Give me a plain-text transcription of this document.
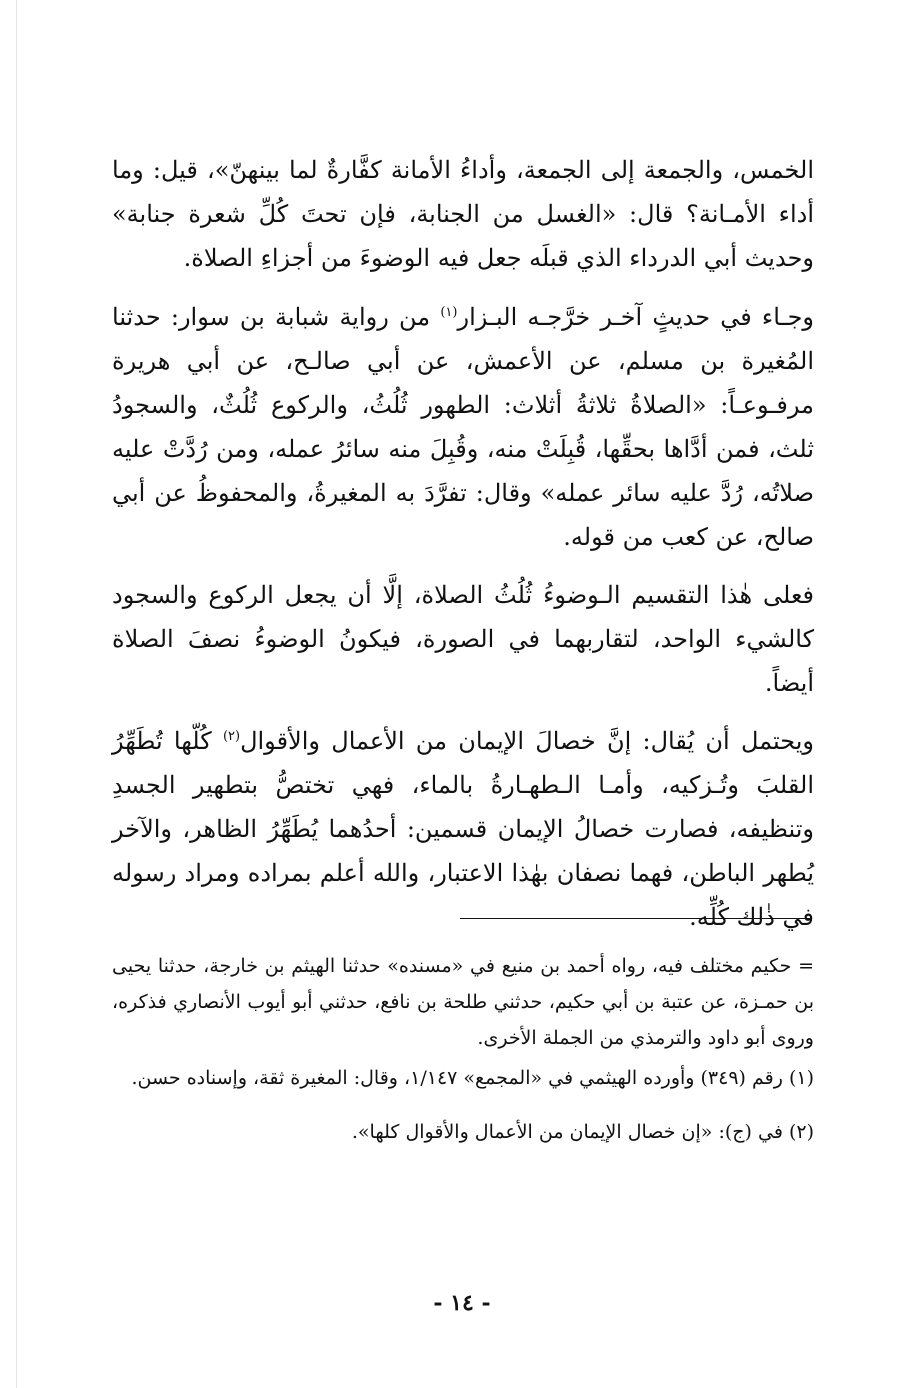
الخمس، والجمعة إلى الجمعة، وأداءُ الأمانة كفَّارةٌ لما بينهنّ»، قيل: وما أداء الأمـانة؟ قال: «الغسل من الجنابة، فإن تحتَ كُلِّ شعرة جنابة» وحديث أبي الدرداء الذي قبلَه جعل فيه الوضوءَ من أجزاءِ الصلاة.

وجـاء في حديثٍ آخـر خرَّجـه البـزار$^{(١)}$ من رواية شبابة بن سوار: حدثنا المُغيرة بن مسلم، عن الأعمش، عن أبي صالـح، عن أبي هريرة مرفـوعـاً: «الصلاةُ ثلاثةُ أثلاث: الطهور ثُلُثُ، والركوع ثُلُثٌ، والسجودُ ثلث، فمن أدَّاها بحقِّها، قُبِلَتْ منه، وقُبِلَ منه سائرُ عمله، ومن رُدَّتْ عليه صلاتُه، رُدَّ عليه سائر عمله» وقال: تفرَّدَ به المغيرةُ، والمحفوظُ عن أبي صالح، عن كعب من قوله.

فعلى هٰذا التقسيم الـوضوءُ ثُلُثُ الصلاة، إلَّا أن يجعل الركوع والسجود كالشيء الواحد، لتقاربهما في الصورة، فيكونُ الوضوءُ نصفَ الصلاة أيضاً.

ويحتمل أن يُقال: إنَّ خصالَ الإيمان من الأعمال والأقوال$^{(٢)}$ كُلّها تُطَهِّرُ القلبَ وتُـزكيه، وأمـا الـطهـارةُ بالماء، فهي تختصُّ بتطهير الجسدِ وتنظيفه، فصارت خصالُ الإيمان قسمين: أحدُهما يُطَهِّرُ الظاهر، والآخر يُطهر الباطن، فهما نصفان بهٰذا الاعتبار، والله أعلم بمراده ومراد رسوله في ذٰلك كُلِّه.

= حكيم مختلف فيه، رواه أحمد بن منيع في «مسنده» حدثنا الهيثم بن خارجة، حدثنا يحيى بن حمـزة، عن عتبة بن أبي حكيم، حدثني طلحة بن نافع، حدثني أبو أيوب الأنصاري فذكره، وروى أبو داود والترمذي من الجملة الأخرى.

(١) رقم (٣٤٩) وأورده الهيثمي في «المجمع» ١/١٤٧، وقال: المغيرة ثقة، وإسناده حسن.

(٢) في (ج): «إن خصال الإيمان من الأعمال والأقوال كلها».

- ١٤ -
